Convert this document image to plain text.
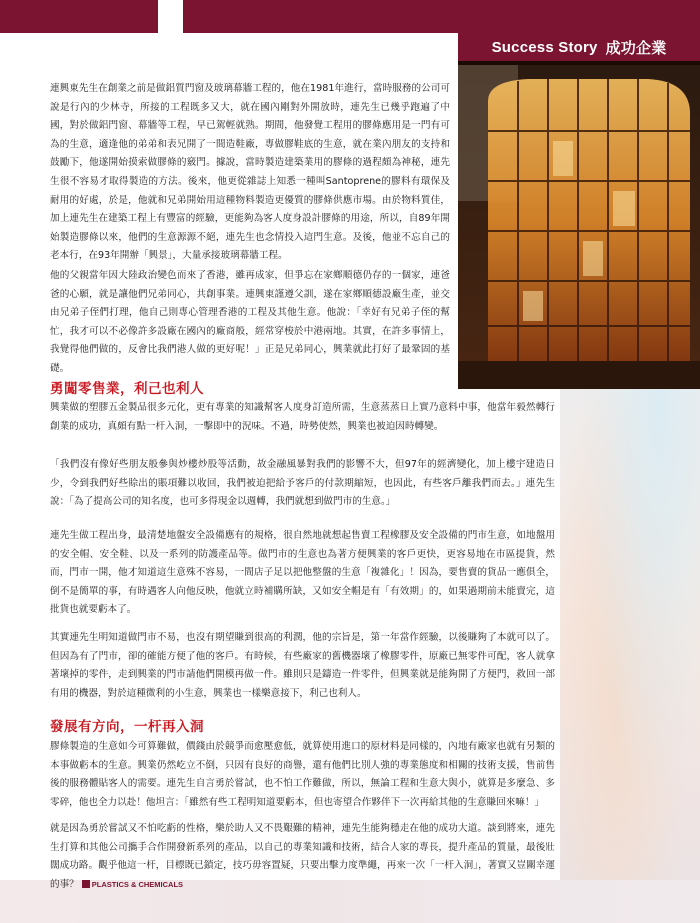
Success Story 成功企業
連興東先生在創業之前是做鋁質門窗及玻璃幕牆工程的，他在1981年進行，當時服務的公司可說是行內的少林寺，所接的工程既多又大，就在國內剛對外開放時，連先生已幾乎跑遍了中國，對於做鋁門窗、幕牆等工程，早已駕輕就熟。期間，他發覺工程用的膠條應用是一門有可為的生意，適逢他的弟弟和表兄開了一間造鞋廠，專做膠鞋底的生意，就在業內朋友的支持和鼓勵下，他遂開始摸索做膠條的竅門。據說，當時製造建築業用的膠條的過程頗為神秘，連先生很不容易才取得製造的方法。後來，他更從雜誌上知悉一種叫Santoprene的膠料有環保及耐用的好處，於是，他就和兄弟開始用這種物料製造更優質的膠條供應市場。由於物料質佳，加上連先生在建築工程上有豐富的經驗，更能夠為客人度身設計膠條的用途，所以，自89年開始製造膠條以來，他們的生意源源不絕，連先生也念情投入這門生意。及後，他並不忘自己的老本行，在93年開辦「興景」，大量承接玻璃幕牆工程。
他的父親當年因大陸政治變色而來了香港，雖再成家，但爭忘在家鄉順德仍存的一個家，連爸爸的心願，就是讓他們兄弟同心，共創事業。連興東謹遵父訓，遂在家鄉順德設廠生產，並交由兄弟子侄們打理，他自己則專心管理香港的工程及其他生意。他說：「幸好有兄弟子侄的幫忙，我才可以不必像許多設廠在國內的廠商般，經常穿梭於中港兩地。其實，在許多事情上，我覺得他們做的，反會比我們港人做的更好呢！」正是兄弟同心，興業就此打好了最鞏固的基礎。
勇闖零售業，利己也利人
興業做的塑膠五金製品很多元化，更有專業的知識幫客人度身訂造所需，生意蒸蒸日上實乃意料中事，他當年毅然轉行創業的成功，真頗有點一杆入洞，一擊即中的況味。不過，時勢使然，興業也被迫因時轉變。
「我們沒有像好些朋友般參與炒樓炒股等活動，故金融風暴對我們的影響不大，但97年的經濟變化，加上樓宇建造日少，令到我們好些賒出的賬項難以收回，我們被迫把給予客戶的付款期縮短，也因此，有些客戶離我們而去。」連先生說：「為了提高公司的知名度，也可多得現金以週轉，我們就想到做門市的生意。」
連先生做工程出身，最清楚地盤安全設備應有的規格，很自然地就想起售賣工程橡膠及安全設備的門市生意，如地盤用的安全帽、安全鞋、以及一系列的防護產品等。做門市的生意也為著方便興業的客戶更快，更容易地在市區提貨，然而，門市一開，他才知道這生意殊不容易，一間店子足以把他整盤的生意「複雜化」！因為，要售賣的貨品一應俱全，倒不是簡單的事，有時遇客人向他反映，他就立時補購所缺，又如安全帽是有「有效期」的，如果過期前未能賣完，這批貨也就要虧本了。
其實連先生明知道做門市不易，也沒有期望賺到很高的利潤，他的宗旨是，第一年當作經驗，以後賺夠了本就可以了。但因為有了門市，卻的確能方便了他的客戶。有時候，有些廠家的舊機器壞了橡膠零件，原廠已無零件可配，客人就拿著壞掉的零件，走到興業的門市請他們開模再做一件。雖則只是鑄造一件零件，但興業就是能夠開了方便門，救回一部有用的機器，對於這種微利的小生意，興業也一樣樂意接下，利己也利人。
發展有方向，一杆再入洞
膠條製造的生意如今可算難做，價錢由於競爭而愈壓愈低，就算使用進口的原材料是同樣的，內地有廠家也就有另類的本事做虧本的生意。興業仍然屹立不倒，只因有良好的商譽，還有他們比別人強的專業態度和相關的技術支援，售前售後的服務體貼客人的需要。連先生自言勇於嘗試，也不怕工作難做，所以，無論工程和生意大與小，就算是多麼急、多零碎，他也全力以赴！他坦言：「雖然有些工程明知道要虧本，但也寄望合作夥伴下一次再給其他的生意賺回來嘛！」
就是因為勇於嘗試又不怕吃虧的性格，樂於助人又不畏艱難的精神，連先生能夠穩走在他的成功大道。談到將來，連先生打算和其他公司攜手合作開發新系列的產品，以自己的專業知識和技術，結合人家的專長，提升產品的質量，最後壯闊成功路。觀乎他這一杆，目標既已鎖定，技巧毋容置疑，只要出擊力度準繩，再來一次「一杆入洞」，著實又豈關幸運的事？ PLASTICS & CHEMICALS
